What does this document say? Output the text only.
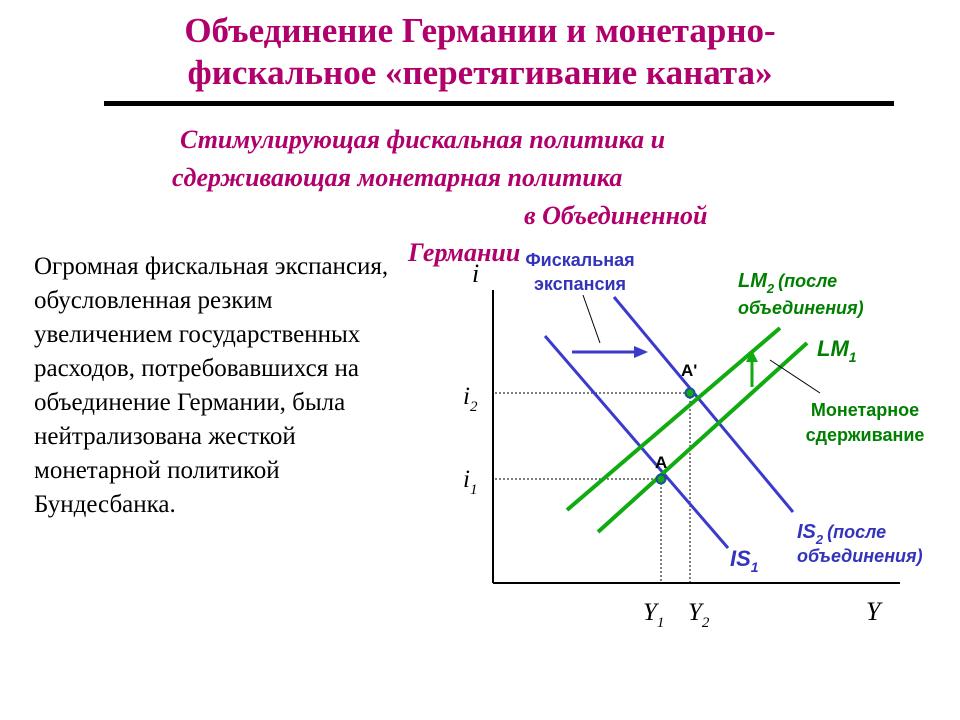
Объединение Германии и монетарно-
фискальное «перетягивание каната»
Стимулирующая фискальная политика и
сдерживающая монетарная политика
в Объединенной
Германии
Огромная фискальная экспансия, обусловленная резким увеличением государственных расходов, потребовавшихся на объединение Германии, была нейтрализована жесткой монетарной политикой Бундесбанка.
i
Y
$i_2$
$i_1$
$Y_1$ $Y_2$
A
A'
Фискальная
экспансия	$LM_2$ (после
объединения)
$LM_1$
Монетарное
сдерживание
$IS_2$ (после
объединения)
$IS_1$
